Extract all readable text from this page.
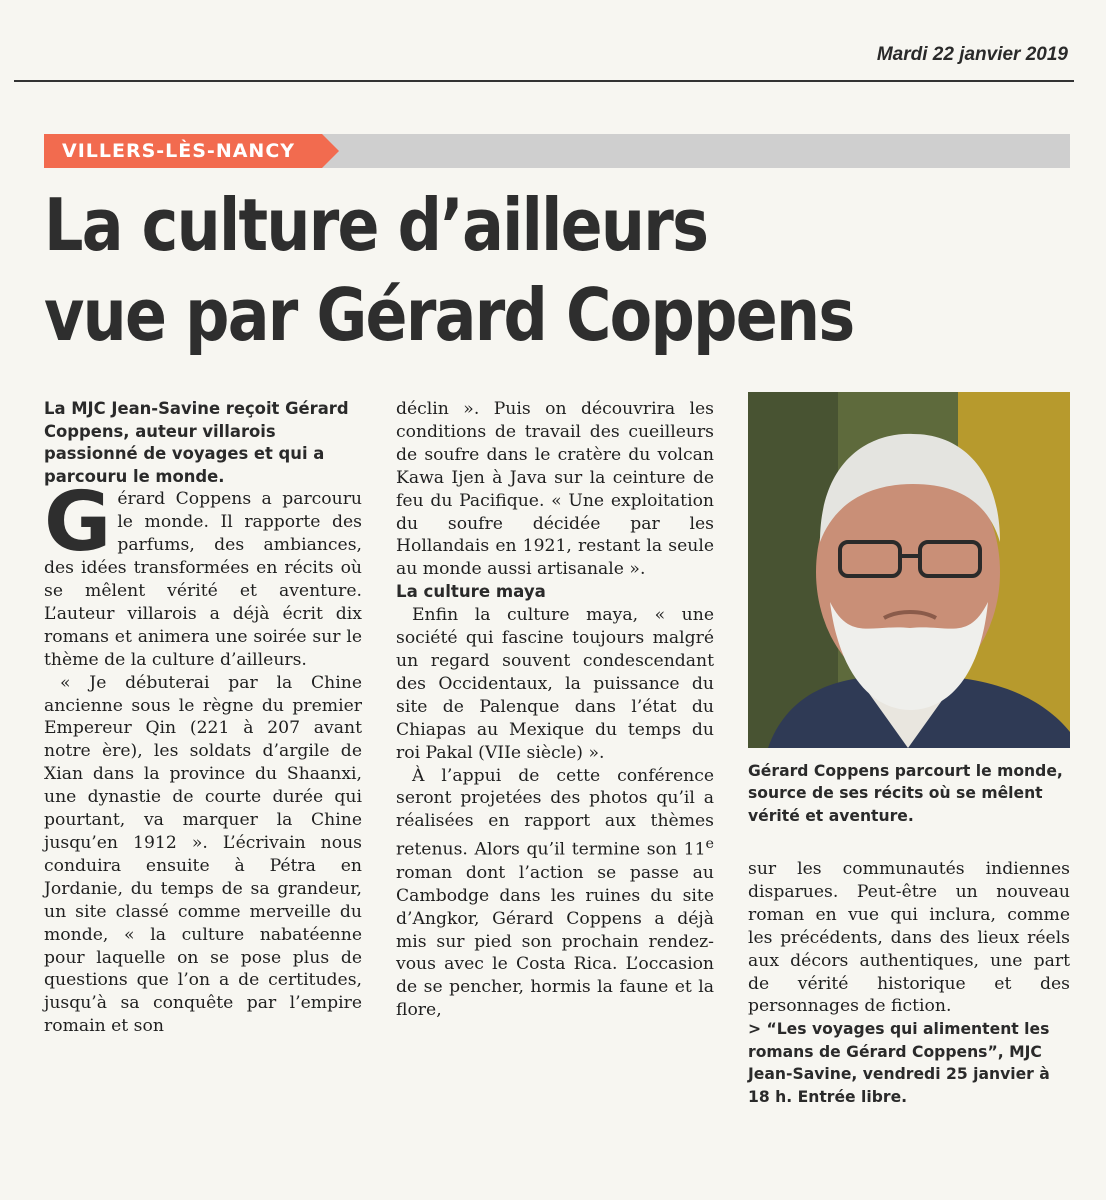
Mardi 22 janvier 2019
VILLERS-LÈS-NANCY
La culture d’ailleurs
vue par Gérard Coppens

La MJC Jean-Savine reçoit Gérard Coppens, auteur villarois passionné de voyages et qui a parcouru le monde.

Gérard Coppens a parcouru le monde. Il rapporte des parfums, des ambiances, des idées transformées en récits où se mêlent vérité et aventure. L’auteur villarois a déjà écrit dix romans et animera une soirée sur le thème de la culture d’ailleurs.

« Je débuterai par la Chine ancienne sous le règne du premier Empereur Qin (221 à 207 avant notre ère), les soldats d’argile de Xian dans la province du Shaanxi, une dynastie de courte durée qui pourtant, va marquer la Chine jusqu’en 1912 ». L’écrivain nous conduira ensuite à Pétra en Jordanie, du temps de sa grandeur, un site classé comme merveille du monde, « la culture nabatéenne pour laquelle on se pose plus de questions que l’on a de certitudes, jusqu’à sa conquête par l’empire romain et son

déclin ». Puis on découvrira les conditions de travail des cueilleurs de soufre dans le cratère du volcan Kawa Ijen à Java sur la ceinture de feu du Pacifique. « Une exploitation du soufre décidée par les Hollandais en 1921, restant la seule au monde aussi artisanale ».

La culture maya

Enfin la culture maya, « une société qui fascine toujours malgré un regard souvent condescendant des Occidentaux, la puissance du site de Palenque dans l’état du Chiapas au Mexique du temps du roi Pakal (VIIe siècle) ».

À l’appui de cette conférence seront projetées des photos qu’il a réalisées en rapport aux thèmes retenus. Alors qu’il termine son 11e roman dont l’action se passe au Cambodge dans les ruines du site d’Angkor, Gérard Coppens a déjà mis sur pied son prochain rendez-vous avec le Costa Rica. L’occasion de se pencher, hormis la faune et la flore,

Gérard Coppens parcourt le monde, source de ses récits où se mêlent vérité et aventure.

sur les communautés indiennes disparues. Peut-être un nouveau roman en vue qui inclura, comme les précédents, dans des lieux réels aux décors authentiques, une part de vérité historique et des personnages de fiction.

> “Les voyages qui alimentent les romans de Gérard Coppens”, MJC Jean-Savine, vendredi 25 janvier à 18 h. Entrée libre.
